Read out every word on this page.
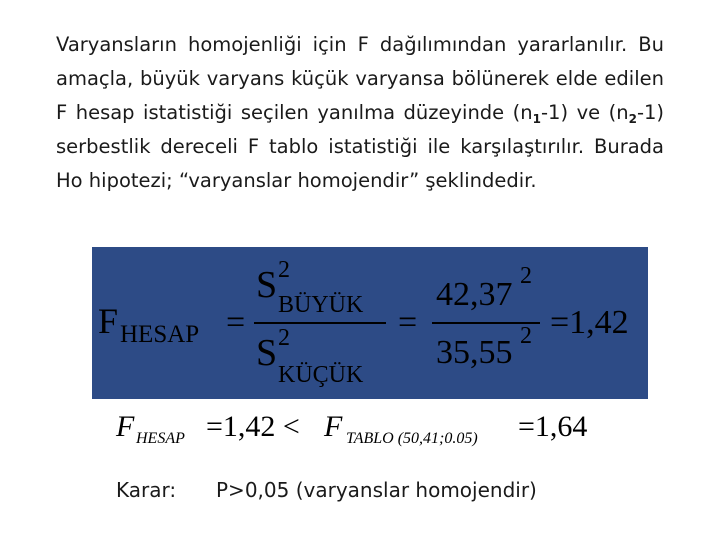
Varyansların homojenliği için F dağılımından yararlanılır. Bu amaçla, büyük varyans küçük varyansa bölünerek elde edilen F hesap istatistiği seçilen yanılma düzeyinde $(n_1-1)$ ve $(n_2-1)$ serbestlik dereceli F tablo istatistiği ile karşılaştırılır. Burada Ho hipotezi; “varyanslar homojendir” şeklindedir.

F HESAP =
S 2
BÜYÜK
S 2
KÜÇÜK
=
42,37 2
35,55 2 =1,42
F HESAP =1,42 < F TABLO (50,41;0.05) =1,64
Karar: P>0,05 (varyanslar homojendir)
